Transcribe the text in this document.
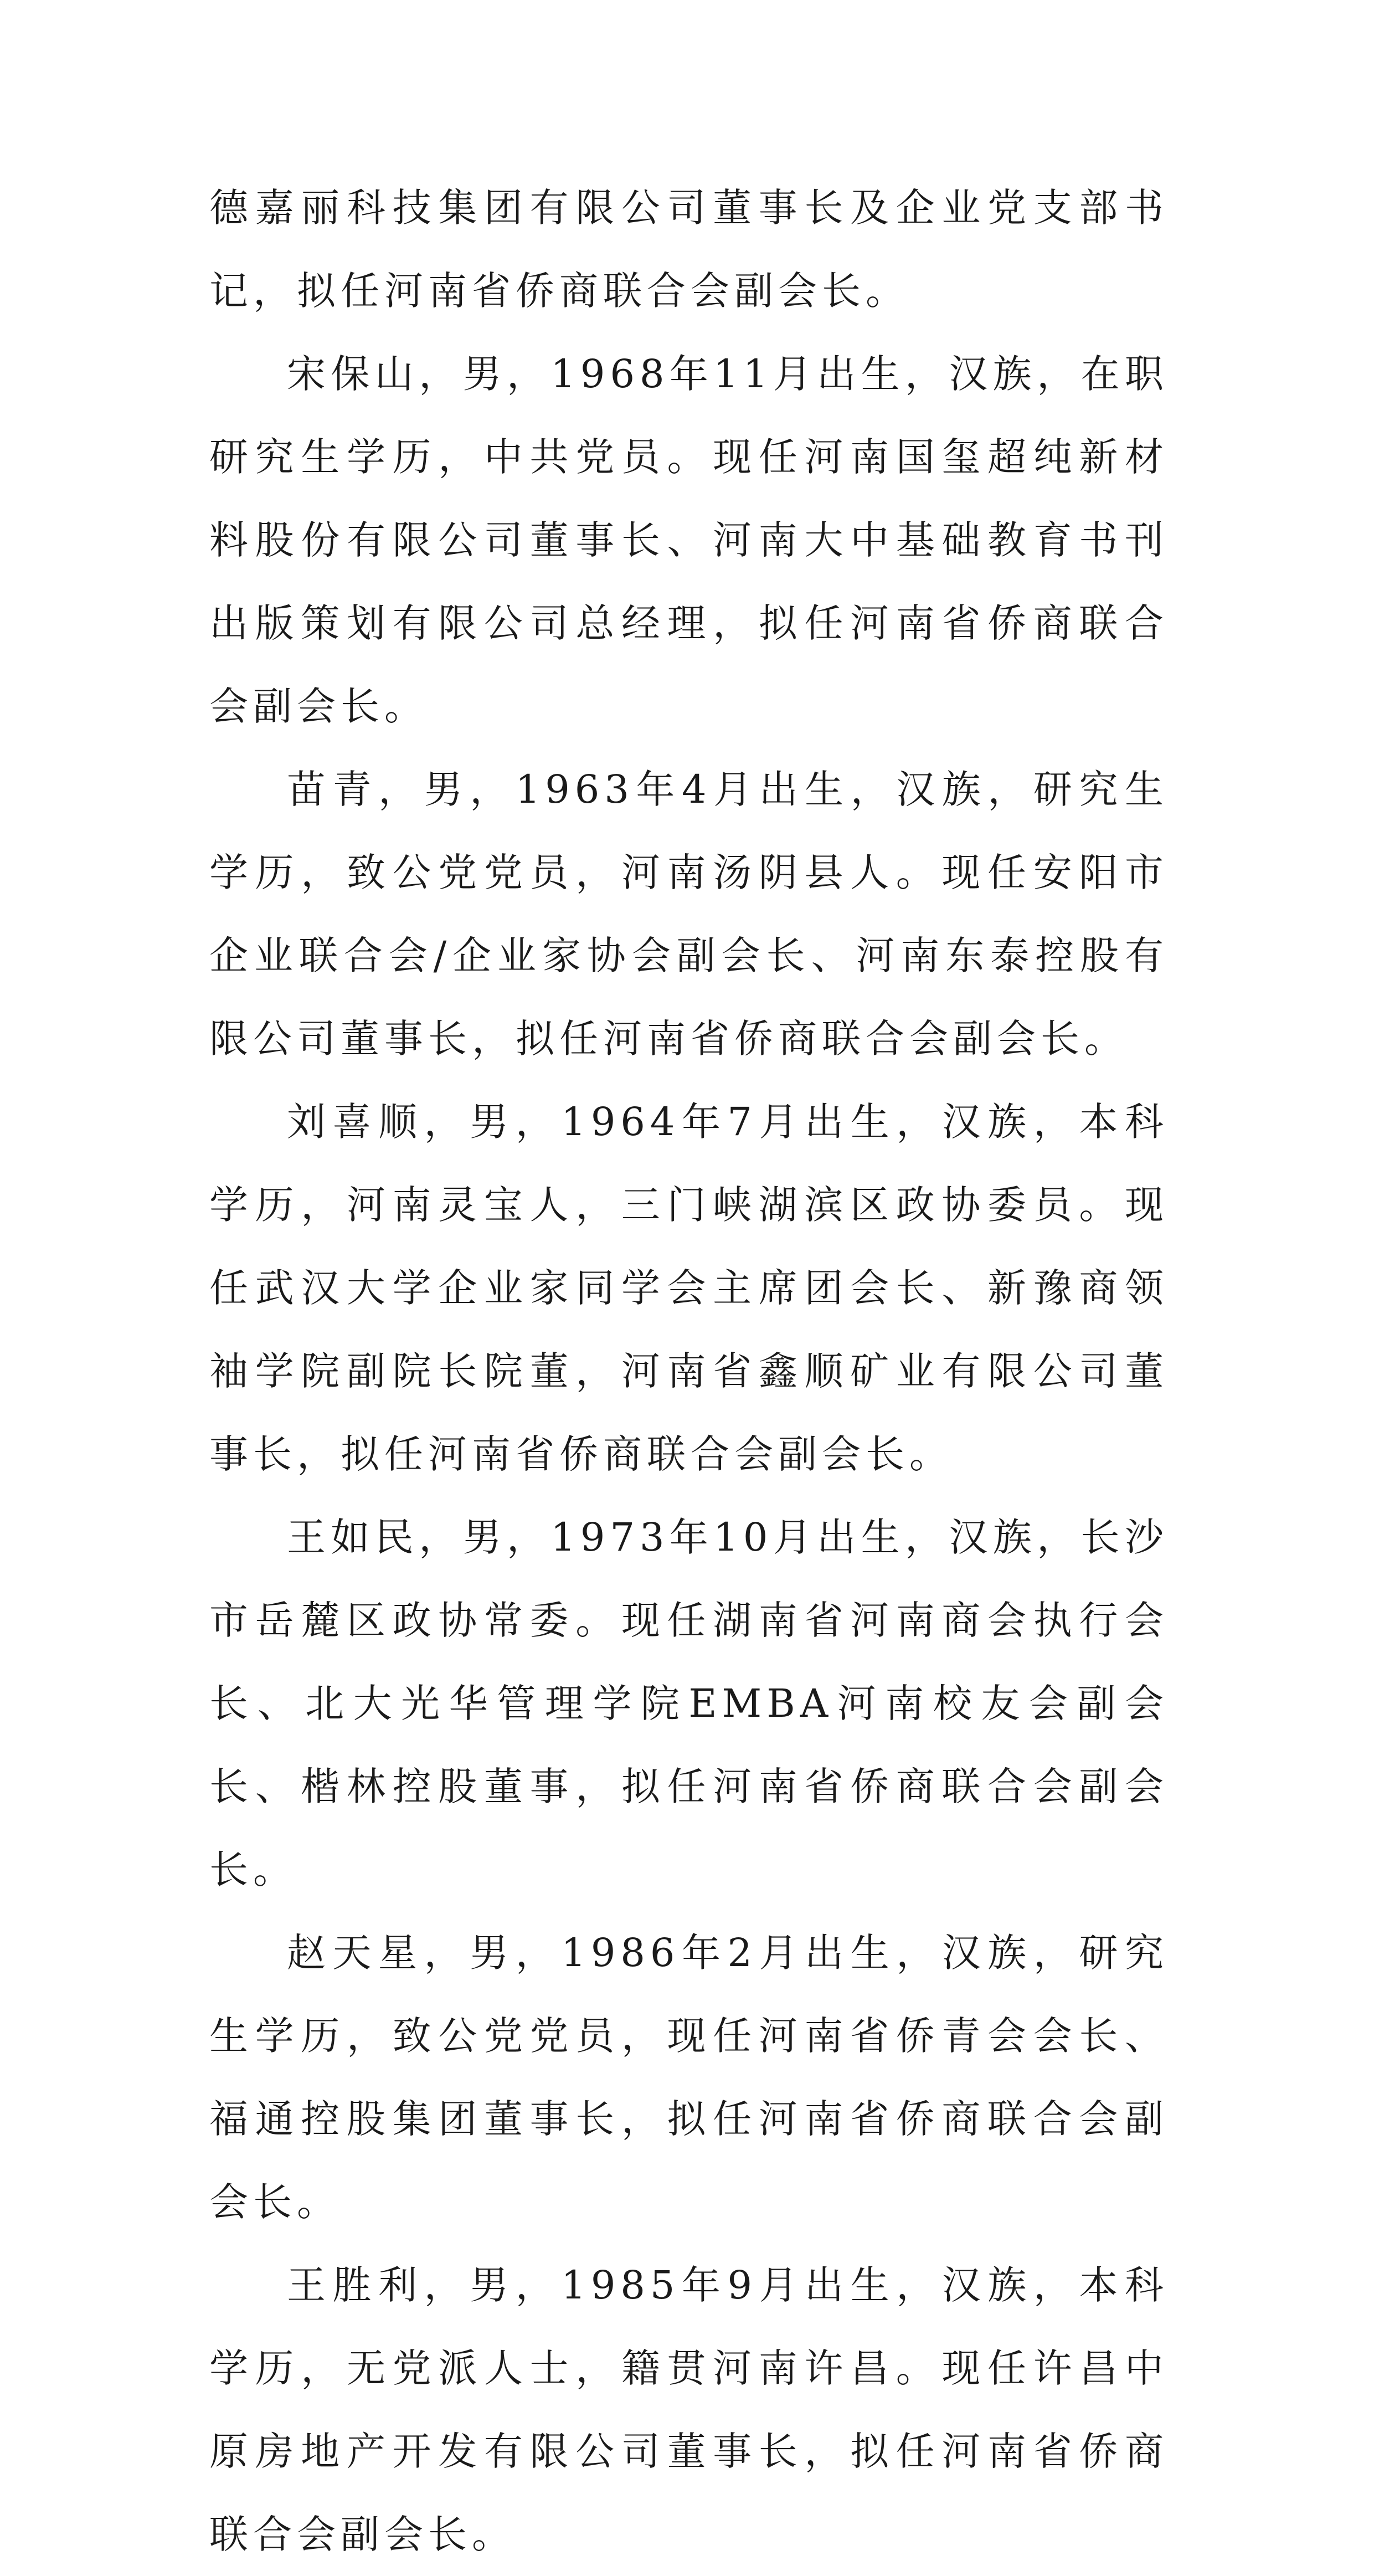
德嘉丽科技集团有限公司董事长及企业党支部书记，拟任河南省侨商联合会副会长。

宋保山，男，1968年11月出生，汉族，在职研究生学历，中共党员。现任河南国玺超纯新材料股份有限公司董事长、河南大中基础教育书刊出版策划有限公司总经理，拟任河南省侨商联合会副会长。

苗青，男，1963年4月出生，汉族，研究生学历，致公党党员，河南汤阴县人。现任安阳市企业联合会/企业家协会副会长、河南东泰控股有限公司董事长，拟任河南省侨商联合会副会长。

刘喜顺，男，1964年7月出生，汉族，本科学历，河南灵宝人，三门峡湖滨区政协委员。现任武汉大学企业家同学会主席团会长、新豫商领袖学院副院长院董，河南省鑫顺矿业有限公司董事长，拟任河南省侨商联合会副会长。

王如民，男，1973年10月出生，汉族，长沙市岳麓区政协常委。现任湖南省河南商会执行会长、北大光华管理学院EMBA河南校友会副会长、楷林控股董事，拟任河南省侨商联合会副会长。

赵天星，男，1986年2月出生，汉族，研究生学历，致公党党员，现任河南省侨青会会长、福通控股集团董事长，拟任河南省侨商联合会副会长。

王胜利，男，1985年9月出生，汉族，本科学历，无党派人士，籍贯河南许昌。现任许昌中原房地产开发有限公司董事长，拟任河南省侨商联合会副会长。
